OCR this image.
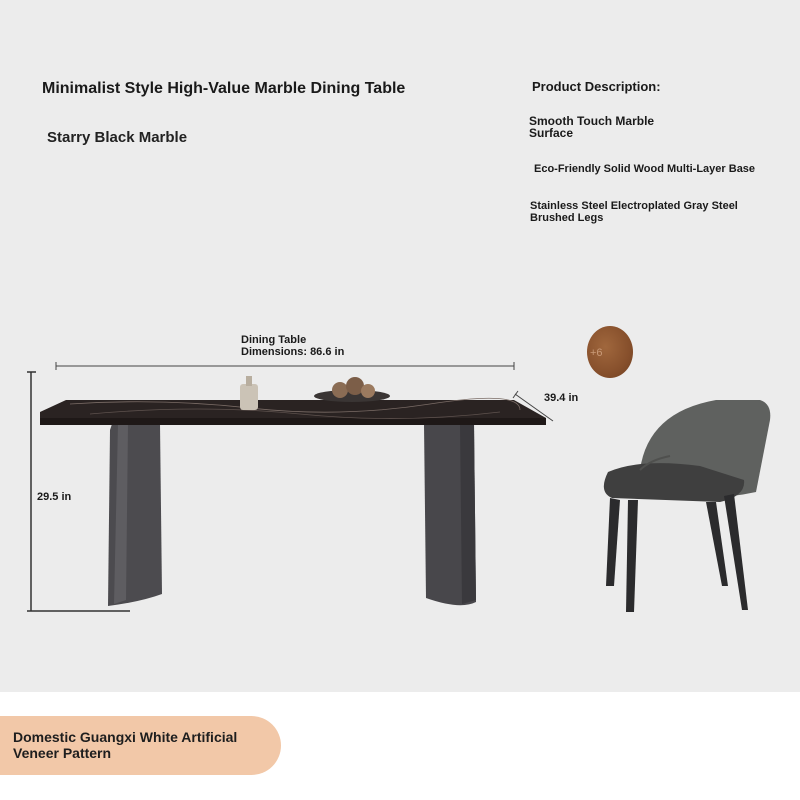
Minimalist Style High-Value Marble Dining Table
Starry Black Marble
Product Description:
Smooth Touch Marble Surface
Eco-Friendly Solid Wood Multi-Layer Base
Stainless Steel Electroplated Gray Steel Brushed Legs
Dining Table Dimensions: 86.6 in
39.4 in
29.5 in
+6
Domestic Guangxi White Artificial Veneer Pattern
